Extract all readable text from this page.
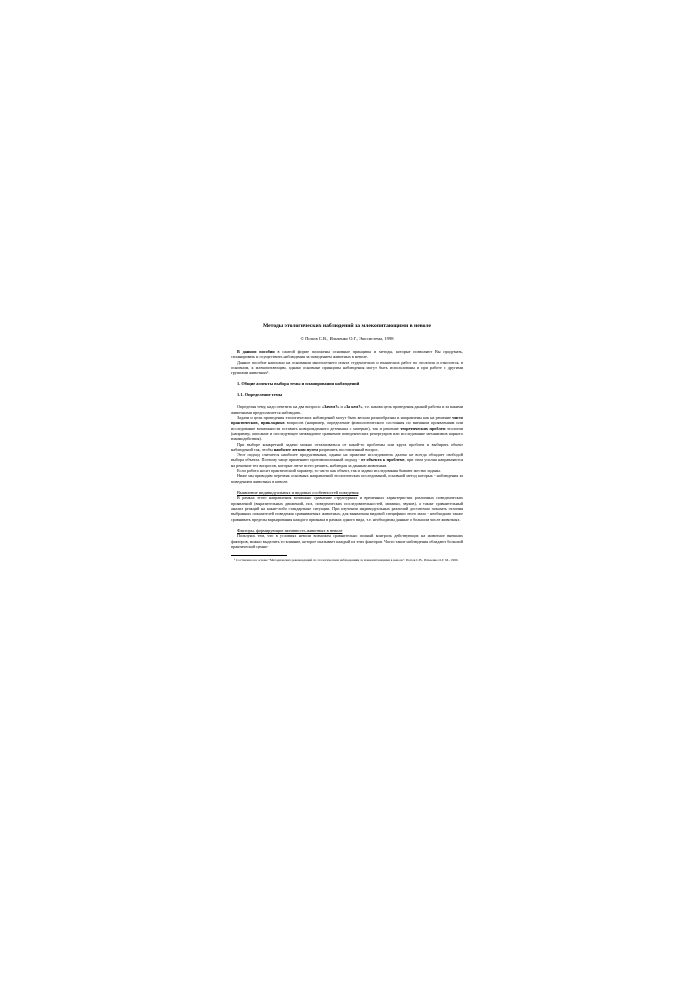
Методы этологических наблюдений за млекопитающими в неволе
© Попов С.В., Ильченко О.Г., Экосистема, 1998

В данном пособии в сжатой форме положены основные принципы и методы, которые позволяют Вы продумать, спланировать и осуществить наблюдения за поведением животных в неволе.

Данное пособие написано на основании многолетнего опыта студенческих и юннатских работ по этологии и относится, в основном, к млекопитающим, однако основные принципы наблюдения могут быть использованы и при работе с другими группами животных¹.

1. Общие аспекты выбора темы и планирования наблюдений
1.1. Определение темы

Определяя тему, надо ответить на два вопроса: «Зачем?» и «За кем?», т.е. какова цель проведения данной работы и за какими животными предполагается наблюдать.

Задачи и цели проведения этологических наблюдений могут быть весьма разнообразны и направлены как на решение чисто практических, прикладных вопросов (например, определение физиологического состояния по внешним проявлениям или исследование возможности оставить новорожденного детеныша с матерью), так и решение теоретических проблем этологии (например, описание и последующее межвидовое сравнение поведенческих репертуаров или исследование механизмов парного взаимодействия).

При выборе конкретной задачи можно отталкиваться от какой-то проблемы или круга проблем и выбирать объект наблюдений так, чтобы наиболее легким путем разрешить поставленный вопрос.

Этот подход считается наиболее продуктивным, однако на практике исследователь далеко не всегда обладает свободой выбора объекта. Поэтому чаще применяют противоположный подход - от объекта к проблеме, при этом усилия направляются на решение тех вопросов, которые легче всего решить, наблюдая за данным животным.

Если работа носит практический характер, то часто как объект, так и задачи исследования бывают жестко заданы.

Ниже мы приводим перечень основных направлений этологических исследований, основной метод которых - наблюдения за поведением животных в неволе.

Выявление индивидуальных и видовых особенностей поведения

В рамках этого направления возможно сравнение структурных и временных характеристик различных поведенческих проявлений (выразительных движений, поз, поведенческих последовательностей, мимики, звуков), а также сравнительный анализ реакций на какие-либо стандартные ситуации. При изучении индивидуальных различий достаточно показать отличия выбранных показателей поведения сравниваемых животных; для выявления видовой специфики этого мало - необходимо также сравнивать пределы варьирования каждого признака в рамках одного вида, т.е. необходимы данные о большом числе животных.

Факторы, формирующие активность животных в неволе

Пользуясь тем, что в условиях неволи возможен сравнительно полный контроль действующих на животное внешних факторов, можно выделить то влияние, которое оказывает каждый из этих факторов. Часто такие наблюдения обладают большой практической ценно-

¹ Составлено на основе "Методических рекомендаций по этологическим наблюдениям за млекопитающими в неволе". Попов С.В., Ильченко О.Г. М., 1990.
